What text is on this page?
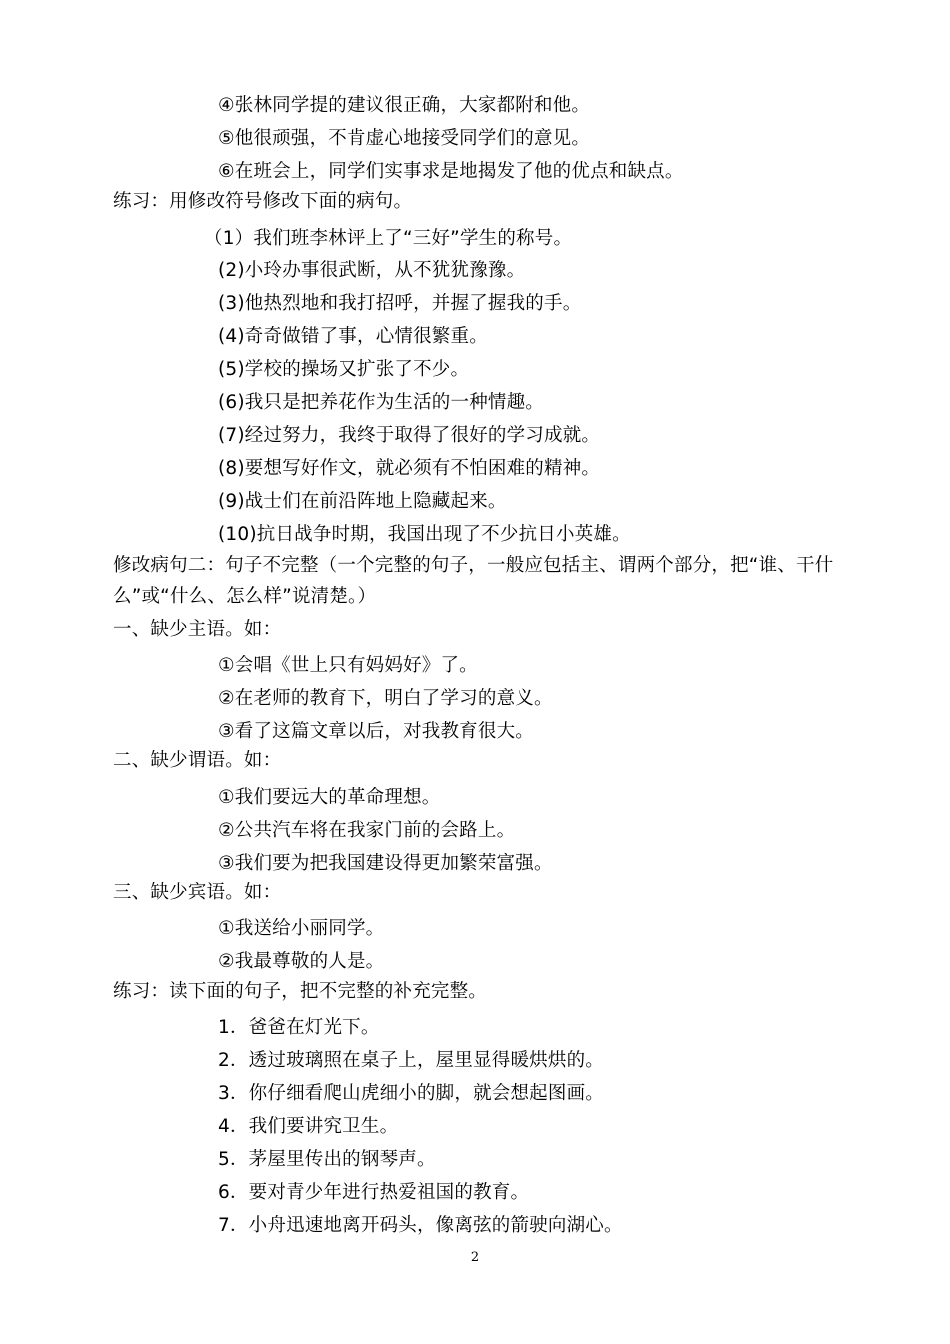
④张林同学提的建议很正确，大家都附和他。
⑤他很顽强，不肯虚心地接受同学们的意见。
⑥在班会上，同学们实事求是地揭发了他的优点和缺点。
练习：用修改符号修改下面的病句。
（1）我们班李林评上了“三好”学生的称号。
(2)小玲办事很武断，从不犹犹豫豫。
(3)他热烈地和我打招呼，并握了握我的手。
(4)奇奇做错了事，心情很繁重。
(5)学校的操场又扩张了不少。
(6)我只是把养花作为生活的一种情趣。
(7)经过努力，我终于取得了很好的学习成就。
(8)要想写好作文，就必须有不怕困难的精神。
(9)战士们在前沿阵地上隐藏起来。
(10)抗日战争时期，我国出现了不少抗日小英雄。
修改病句二：句子不完整（一个完整的句子，一般应包括主、谓两个部分，把“谁、干什么”或“什么、怎么样”说清楚。）
一、缺少主语。如：
①会唱《世上只有妈妈好》了。
②在老师的教育下，明白了学习的意义。
③看了这篇文章以后，对我教育很大。
二、缺少谓语。如：
①我们要远大的革命理想。
②公共汽车将在我家门前的会路上。
③我们要为把我国建设得更加繁荣富强。
三、缺少宾语。如：
①我送给小丽同学。
②我最尊敬的人是。
练习：读下面的句子，把不完整的补充完整。
1．爸爸在灯光下。
2．透过玻璃照在桌子上，屋里显得暖烘烘的。
3．你仔细看爬山虎细小的脚，就会想起图画。
4．我们要讲究卫生。
5．茅屋里传出的钢琴声。
6．要对青少年进行热爱祖国的教育。
7．小舟迅速地离开码头，像离弦的箭驶向湖心。
2
